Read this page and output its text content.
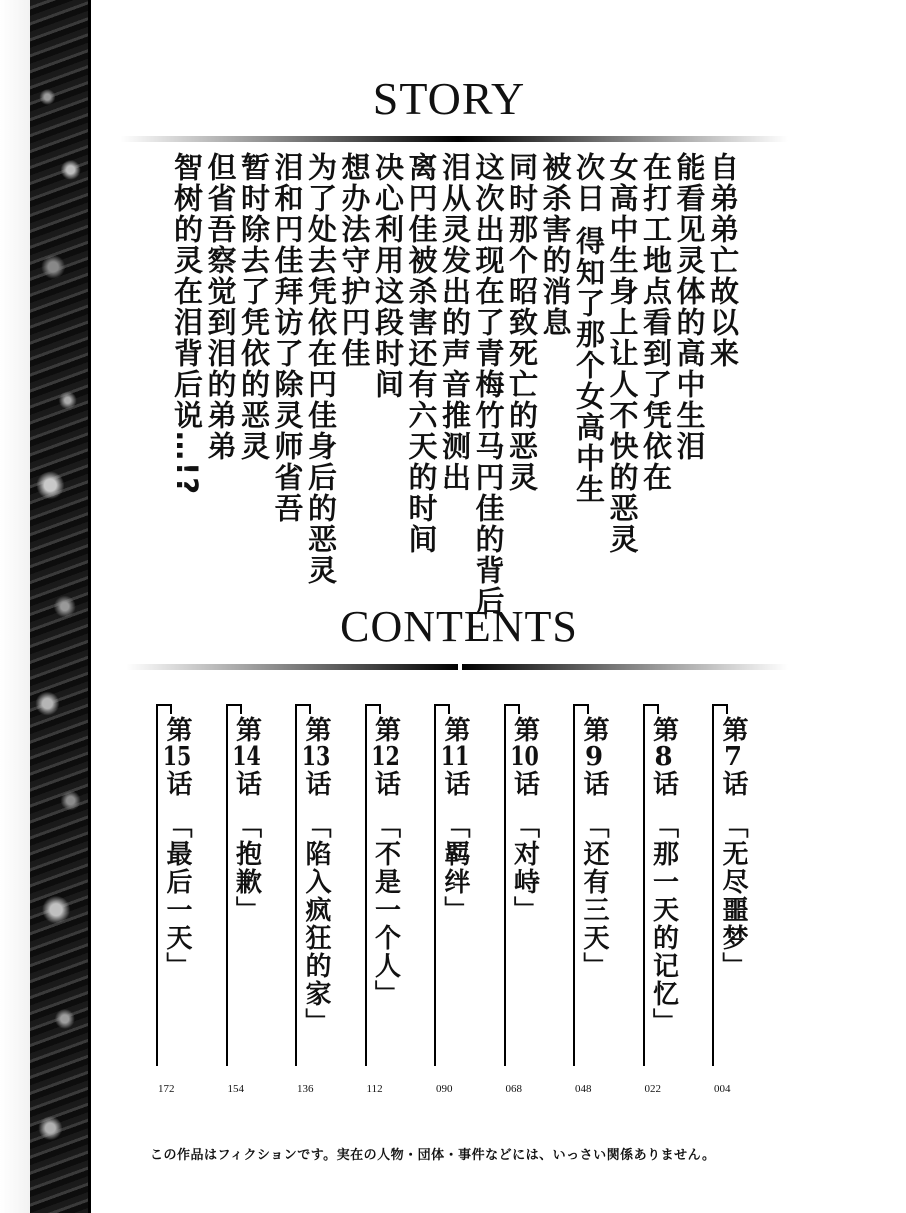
STORY
自弟弟亡故以来
能看见灵体的高中生泪
在打工地点看到了凭依在
女高中生身上让人不快的恶灵
次日 得知了那个女高中生
被杀害的消息
同时那个昭致死亡的恶灵
这次出现在了青梅竹马円佳的背后
泪从灵发出的声音推测出
离円佳被杀害还有六天的时间
决心利用这段时间
想办法守护円佳
为了处去凭依在円佳身后的恶灵
泪和円佳拜访了除灵师省吾
暂时除去了凭依的恶灵
但省吾察觉到泪的弟弟
智树的灵在泪背后说…!?
CONTENTS
第7话「无尽噩梦」
004
第8话「那一天的记忆」
022
第9话「还有三天」
048
第10话「对峙」
068
第11话「羁绊」
090
第12话「不是一个人」
112
第13话「陷入疯狂的家」
136
第14话「抱歉」
154
第15话「最后一天」
172
この作品はフィクションです。実在の人物・団体・事件などには、いっさい関係ありません。
